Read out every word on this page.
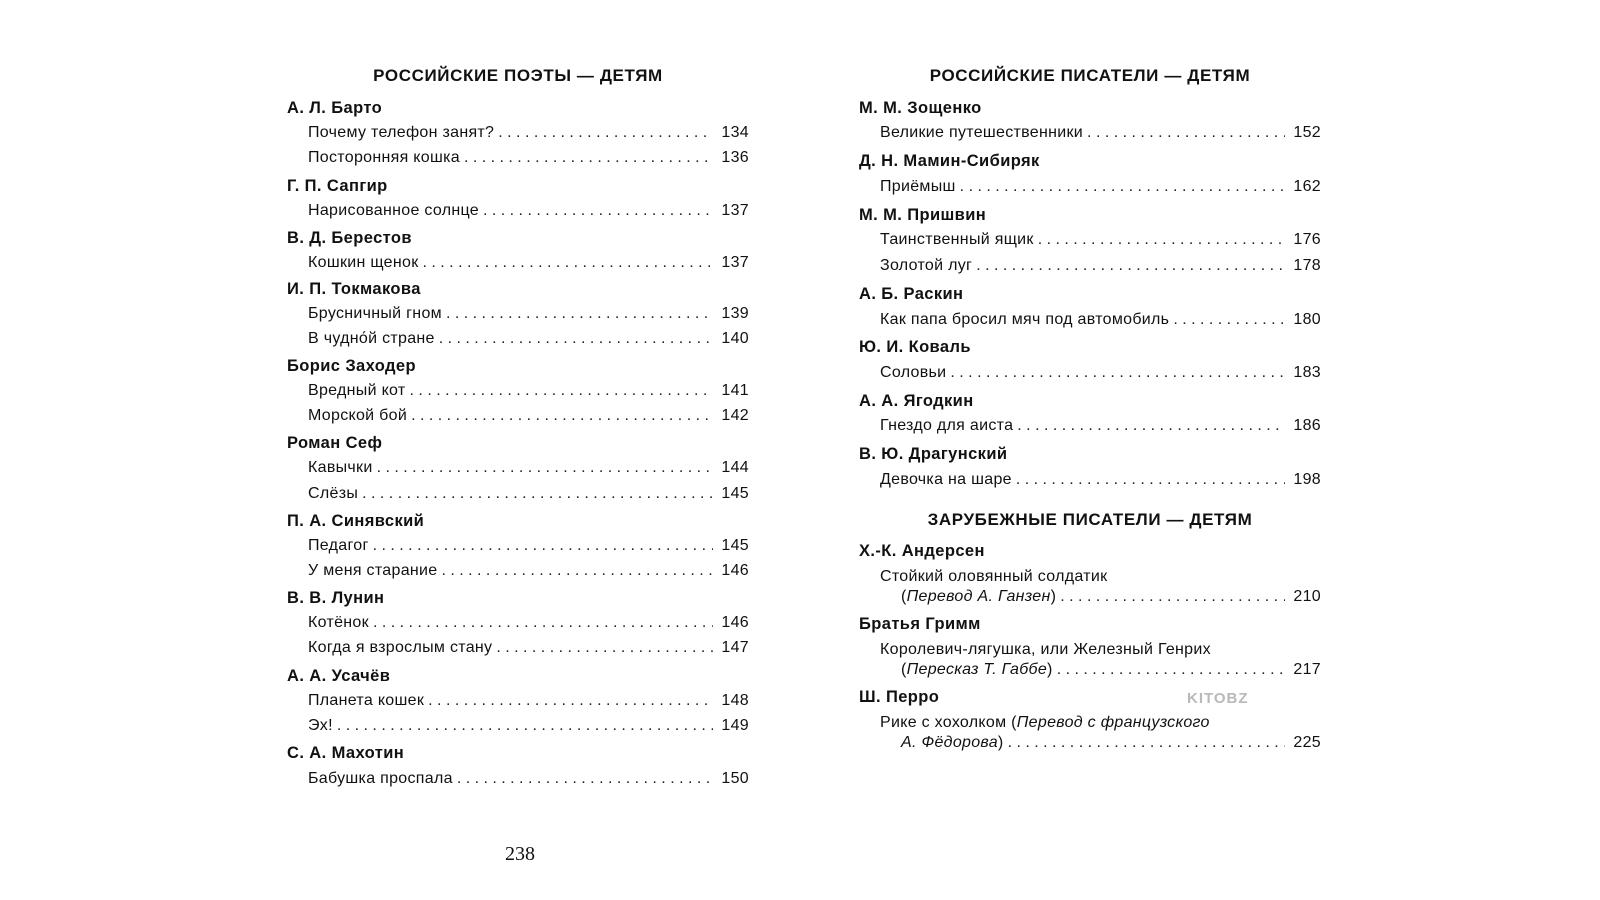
РОССИЙСКИЕ ПОЭТЫ — ДЕТЯМ
А. Л. Барто
Почему телефон занят? . . .	134
Посторонняя кошка . . .	136
Г. П. Сапгир
Нарисованное солнце . . .	137
В. Д. Берестов
Кошкин щенок . . .	137
И. П. Токмакова
Брусничный гном . . .	139
В чудно́й стране . . .	140
Борис Заходер
Вредный кот . . .	141
Морской бой . . .	142
Роман Сеф
Кавычки . . .	144
Слёзы . . .	145
П. А. Синявский
Педагог . . .	145
У меня старание . . .	146
В. В. Лунин
Котёнок . . .	146
Когда я взрослым стану . . .	147
А. А. Усачёв
Планета кошек . . .	148
Эх! . . .	149
С. А. Махотин
Бабушка проспала . . .	150
РОССИЙСКИЕ ПИСАТЕЛИ — ДЕТЯМ
М. М. Зощенко
Великие путешественники . . .	152
Д. Н. Мамин-Сибиряк
Приёмыш . . .	162
М. М. Пришвин
Таинственный ящик . . .	176
Золотой луг . . .	178
А. Б. Раскин
Как папа бросил мяч под автомобиль . . .	180
Ю. И. Коваль
Соловьи . . .	183
А. А. Ягодкин
Гнездо для аиста . . .	186
В. Ю. Драгунский
Девочка на шаре . . .	198
ЗАРУБЕЖНЫЕ ПИСАТЕЛИ — ДЕТЯМ
Х.-К. Андерсен
Стойкий оловянный солдатик
(Перевод А. Ганзен) . . .	210
Братья Гримм
Королевич-лягушка, или Железный Генрих
(Пересказ Т. Габбе) . . .	217
Ш. Перро
Рике с хохолком (Перевод с французского
А. Фёдорова) . . .	225
238
KITOBZ
